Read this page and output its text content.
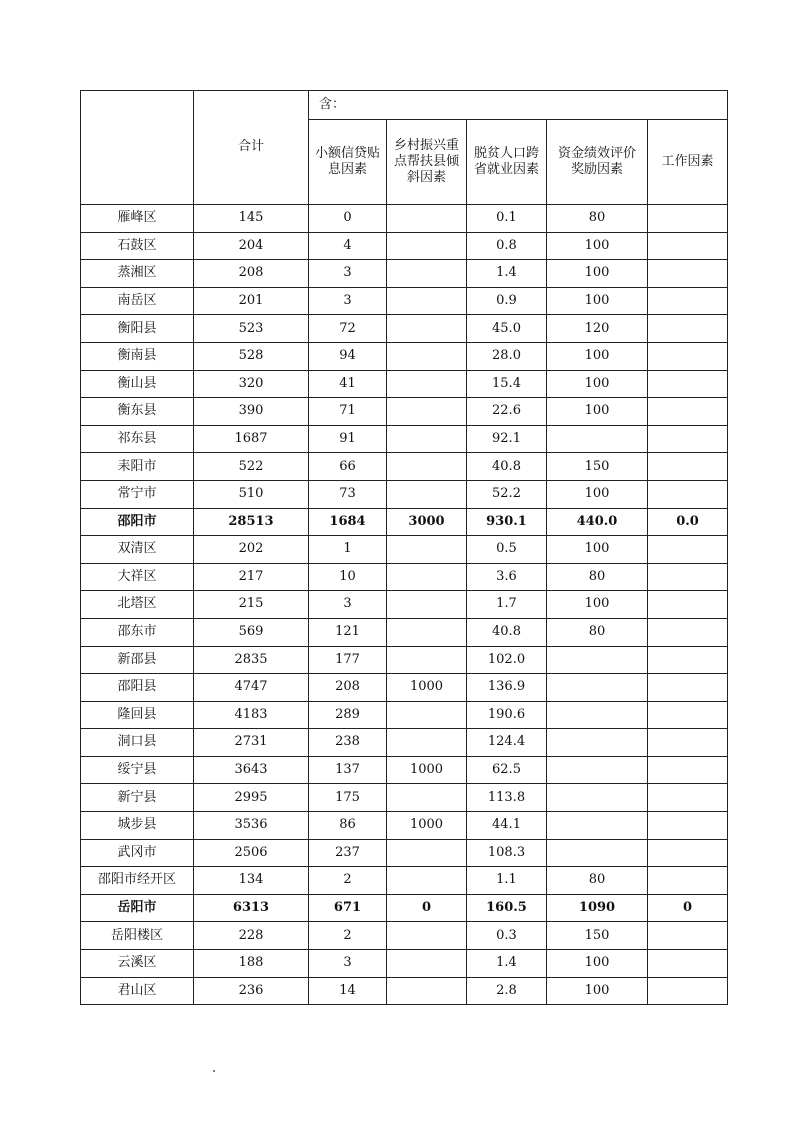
	合计	含：				
		小额信贷贴息因素	乡村振兴重点帮扶县倾斜因素	脱贫人口跨省就业因素	资金绩效评价奖励因素	工作因素
雁峰区	145	0		0.1	80	
石鼓区	204	4		0.8	100	
蒸湘区	208	3		1.4	100	
南岳区	201	3		0.9	100	
衡阳县	523	72		45.0	120	
衡南县	528	94		28.0	100	
衡山县	320	41		15.4	100	
衡东县	390	71		22.6	100	
祁东县	1687	91		92.1		
耒阳市	522	66		40.8	150	
常宁市	510	73		52.2	100	
邵阳市	28513	1684	3000	930.1	440.0	0.0
双清区	202	1		0.5	100	
大祥区	217	10		3.6	80	
北塔区	215	3		1.7	100	
邵东市	569	121		40.8	80	
新邵县	2835	177		102.0		
邵阳县	4747	208	1000	136.9		
隆回县	4183	289		190.6		
洞口县	2731	238		124.4		
绥宁县	3643	137	1000	62.5		
新宁县	2995	175		113.8		
城步县	3536	86	1000	44.1		
武冈市	2506	237		108.3		
邵阳市经开区	134	2		1.1	80	
岳阳市	6313	671	0	160.5	1090	0
岳阳楼区	228	2		0.3	150	
云溪区	188	3		1.4	100	
君山区	236	14		2.8	100	
